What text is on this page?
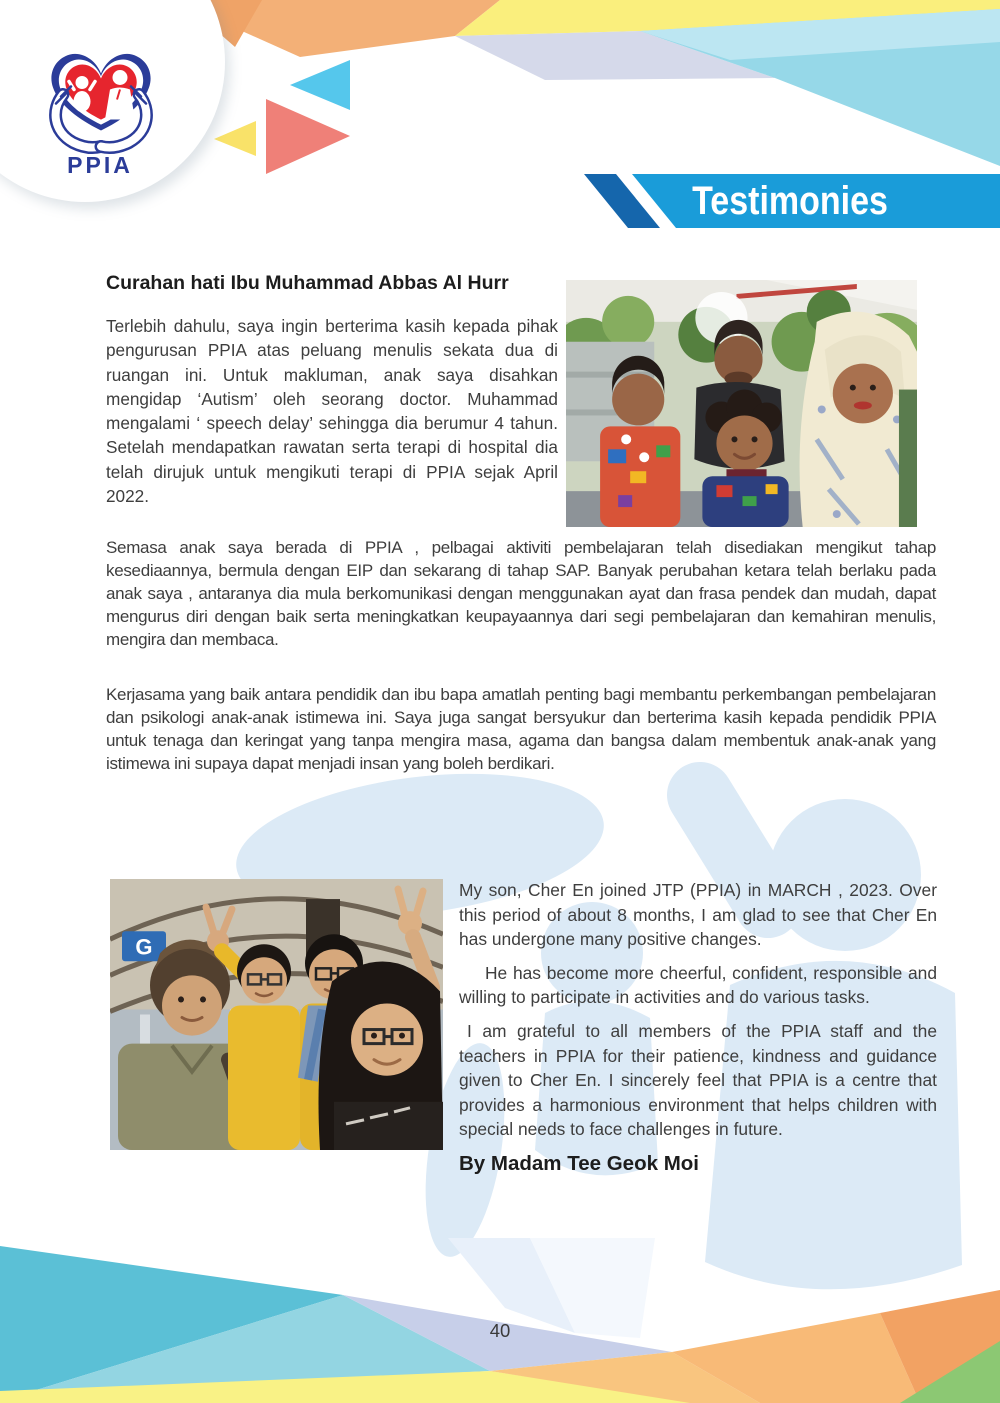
PPIA
Testimonies
Curahan hati Ibu Muhammad Abbas Al Hurr
Terlebih dahulu, saya ingin berterima kasih kepada pihak pengurusan PPIA atas peluang menulis sekata dua di ruangan ini. Untuk makluman, anak saya disahkan mengidap ‘Autism’ oleh seorang doctor. Muhammad mengalami ‘ speech delay’ sehingga dia berumur 4 tahun. Setelah mendapatkan rawatan serta terapi di hospital dia telah dirujuk untuk mengikuti terapi di PPIA sejak April 2022.
Semasa anak saya berada di PPIA , pelbagai aktiviti pembelajaran telah disediakan mengikut tahap kesediaannya, bermula dengan EIP dan sekarang di tahap SAP. Banyak perubahan ketara telah berlaku pada anak saya , antaranya dia mula berkomunikasi dengan menggunakan ayat dan frasa pendek dan mudah, dapat mengurus diri dengan baik serta meningkatkan keupayaannya dari segi pembelajaran dan kemahiran menulis, mengira dan membaca.
Kerjasama yang baik antara pendidik dan ibu bapa amatlah penting bagi membantu perkembangan pembelajaran dan psikologi anak-anak istimewa ini. Saya juga sangat bersyukur dan berterima kasih kepada pendidik PPIA untuk tenaga dan keringat yang tanpa mengira masa, agama dan bangsa dalam membentuk anak-anak yang istimewa ini supaya dapat menjadi insan yang boleh berdikari.
G

My son, Cher En joined JTP (PPIA) in MARCH , 2023. Over this period of about 8 months, I am glad to see that Cher En has undergone many positive changes.

He has become more cheerful, confident, responsible and willing to participate in activities and do various tasks.

I am grateful to all members of the PPIA staff and the teachers in PPIA for their patience, kindness and guidance given to Cher En. I sincerely feel that PPIA is a centre that provides a harmonious environment that helps children with special needs to face challenges in future.

By Madam Tee Geok Moi
40
